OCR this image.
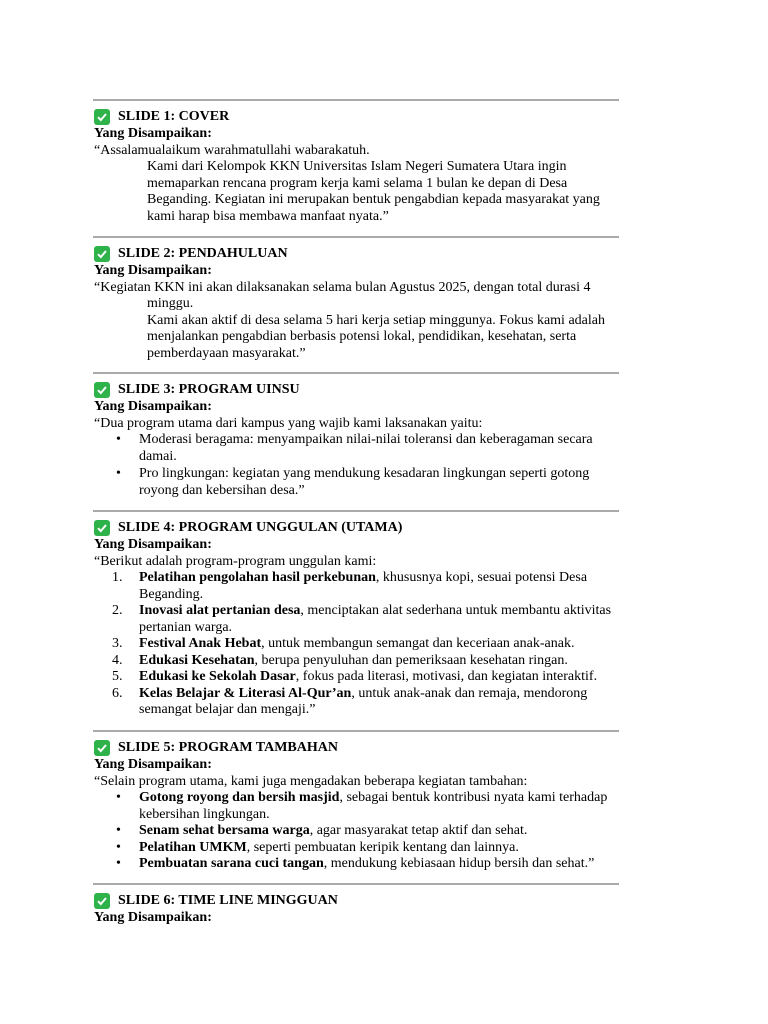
SLIDE 1: COVER
Yang Disampaikan:

“Assalamualaikum warahmatullahi wabarakatuh.

Kami dari Kelompok KKN Universitas Islam Negeri Sumatera Utara ingin memaparkan rencana program kerja kami selama 1 bulan ke depan di Desa Beganding. Kegiatan ini merupakan bentuk pengabdian kepada masyarakat yang kami harap bisa membawa manfaat nyata.”

SLIDE 2: PENDAHULUAN
Yang Disampaikan:

“Kegiatan KKN ini akan dilaksanakan selama bulan Agustus 2025, dengan total durasi 4

minggu.

Kami akan aktif di desa selama 5 hari kerja setiap minggunya. Fokus kami adalah menjalankan pengabdian berbasis potensi lokal, pendidikan, kesehatan, serta pemberdayaan masyarakat.”

SLIDE 3: PROGRAM UINSU
Yang Disampaikan:

“Dua program utama dari kampus yang wajib kami laksanakan yaitu:

• Moderasi beragama: menyampaikan nilai-nilai toleransi dan keberagaman secara damai.
• Pro lingkungan: kegiatan yang mendukung kesadaran lingkungan seperti gotong royong dan kebersihan desa.”
SLIDE 4: PROGRAM UNGGULAN (UTAMA)
Yang Disampaikan:

“Berikut adalah program-program unggulan kami:

1. Pelatihan pengolahan hasil perkebunan, khususnya kopi, sesuai potensi Desa Beganding.
2. Inovasi alat pertanian desa, menciptakan alat sederhana untuk membantu aktivitas pertanian warga.
3. Festival Anak Hebat, untuk membangun semangat dan keceriaan anak-anak.
4. Edukasi Kesehatan, berupa penyuluhan dan pemeriksaan kesehatan ringan.
5. Edukasi ke Sekolah Dasar, fokus pada literasi, motivasi, dan kegiatan interaktif.
6. Kelas Belajar & Literasi Al-Qur’an, untuk anak-anak dan remaja, mendorong semangat belajar dan mengaji.”
SLIDE 5: PROGRAM TAMBAHAN
Yang Disampaikan:

“Selain program utama, kami juga mengadakan beberapa kegiatan tambahan:

• Gotong royong dan bersih masjid, sebagai bentuk kontribusi nyata kami terhadap kebersihan lingkungan.
• Senam sehat bersama warga, agar masyarakat tetap aktif dan sehat.
• Pelatihan UMKM, seperti pembuatan keripik kentang dan lainnya.
• Pembuatan sarana cuci tangan, mendukung kebiasaan hidup bersih dan sehat.”
SLIDE 6: TIME LINE MINGGUAN
Yang Disampaikan:
